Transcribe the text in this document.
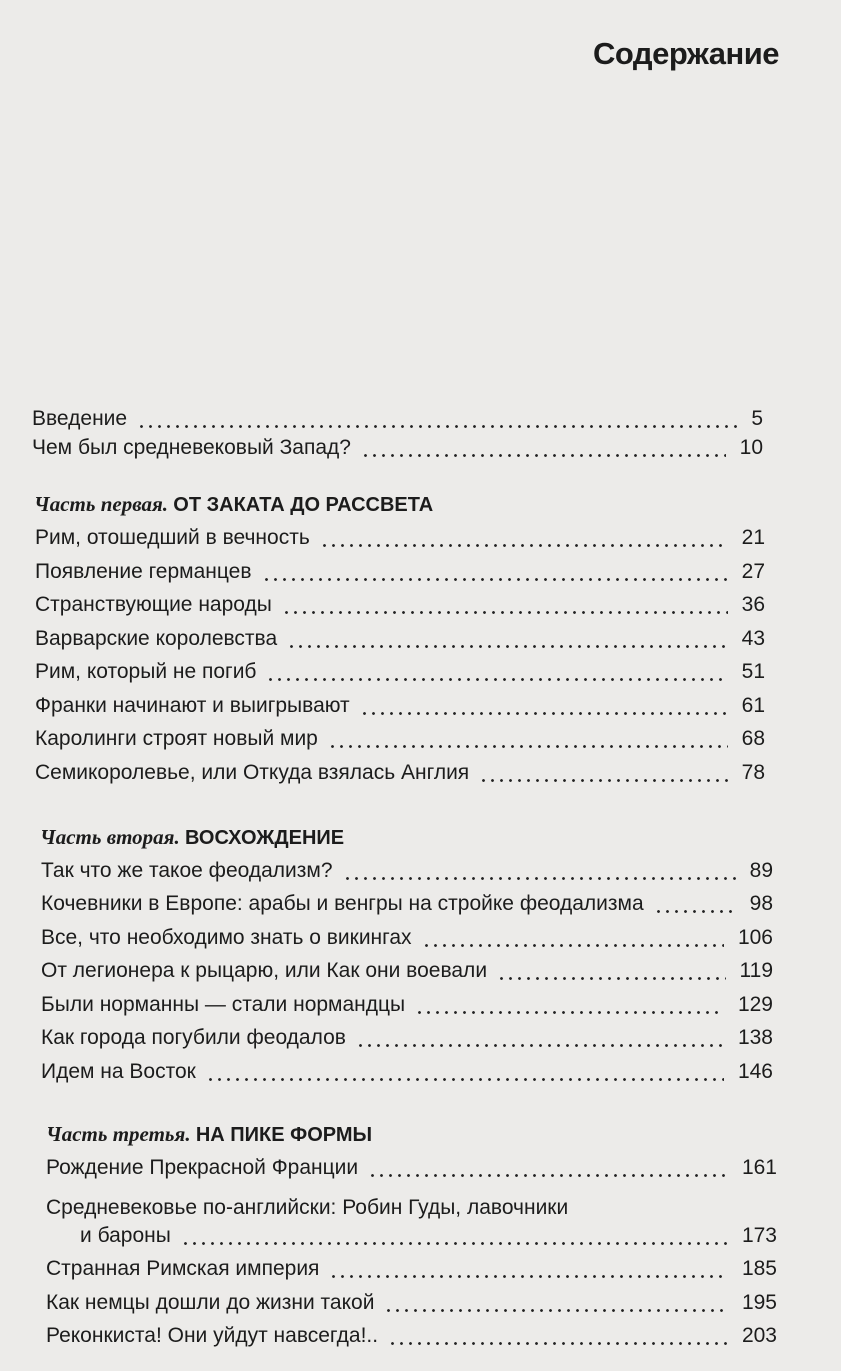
Содержание
Введение	5
Чем был средневековый Запад?	10
Часть первая. ОТ ЗАКАТА ДО РАССВЕТА
Рим, отошедший в вечность	21
Появление германцев	27
Странствующие народы	36
Варварские королевства	43
Рим, который не погиб	51
Франки начинают и выигрывают	61
Каролинги строят новый мир	68
Семикоролевье, или Откуда взялась Англия	78
Часть вторая. ВОСХОЖДЕНИЕ
Так что же такое феодализм?	89
Кочевники в Европе: арабы и венгры на стройке феодализма	98
Все, что необходимо знать о викингах	106
От легионера к рыцарю, или Как они воевали	119
Были норманны — стали нормандцы	129
Как города погубили феодалов	138
Идем на Восток	146
Часть третья. НА ПИКЕ ФОРМЫ
Рождение Прекрасной Франции	161
Средневековье по-английски: Робин Гуды, лавочники
и бароны	173
Странная Римская империя	185
Как немцы дошли до жизни такой	195
Реконкиста! Они уйдут навсегда!..	203
